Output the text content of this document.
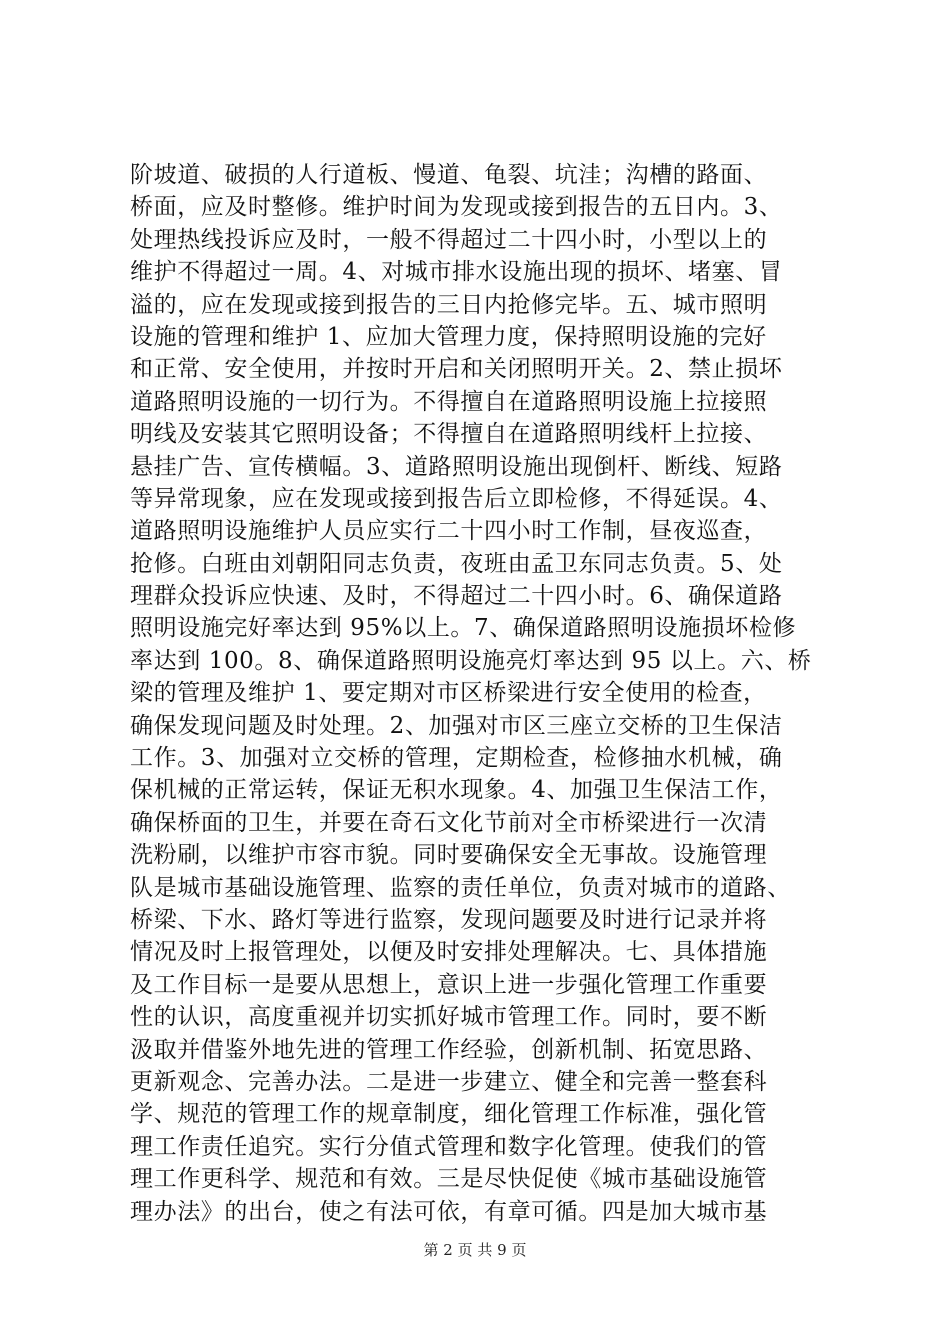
阶坡道、破损的人行道板、慢道、龟裂、坑洼；沟槽的路面、
桥面，应及时整修。维护时间为发现或接到报告的五日内。3、
处理热线投诉应及时，一般不得超过二十四小时，小型以上的
维护不得超过一周。4、对城市排水设施出现的损坏、堵塞、冒
溢的，应在发现或接到报告的三日内抢修完毕。五、城市照明
设施的管理和维护 1、应加大管理力度，保持照明设施的完好
和正常、安全使用，并按时开启和关闭照明开关。2、禁止损坏
道路照明设施的一切行为。不得擅自在道路照明设施上拉接照
明线及安装其它照明设备；不得擅自在道路照明线杆上拉接、
悬挂广告、宣传横幅。3、道路照明设施出现倒杆、断线、短路
等异常现象，应在发现或接到报告后立即检修，不得延误。4、
道路照明设施维护人员应实行二十四小时工作制，昼夜巡查，
抢修。白班由刘朝阳同志负责，夜班由孟卫东同志负责。5、处
理群众投诉应快速、及时，不得超过二十四小时。6、确保道路
照明设施完好率达到 95%以上。7、确保道路照明设施损坏检修
率达到 100。8、确保道路照明设施亮灯率达到 95 以上。六、桥
梁的管理及维护 1、要定期对市区桥梁进行安全使用的检查，
确保发现问题及时处理。2、加强对市区三座立交桥的卫生保洁
工作。3、加强对立交桥的管理，定期检查，检修抽水机械，确
保机械的正常运转，保证无积水现象。4、加强卫生保洁工作，
确保桥面的卫生，并要在奇石文化节前对全市桥梁进行一次清
洗粉刷，以维护市容市貌。同时要确保安全无事故。设施管理
队是城市基础设施管理、监察的责任单位，负责对城市的道路、
桥梁、下水、路灯等进行监察，发现问题要及时进行记录并将
情况及时上报管理处，以便及时安排处理解决。七、具体措施
及工作目标一是要从思想上，意识上进一步强化管理工作重要
性的认识，高度重视并切实抓好城市管理工作。同时，要不断
汲取并借鉴外地先进的管理工作经验，创新机制、拓宽思路、
更新观念、完善办法。二是进一步建立、健全和完善一整套科
学、规范的管理工作的规章制度，细化管理工作标准，强化管
理工作责任追究。实行分值式管理和数字化管理。使我们的管
理工作更科学、规范和有效。三是尽快促使《城市基础设施管
理办法》的出台，使之有法可依，有章可循。四是加大城市基
第 2 页 共 9 页
